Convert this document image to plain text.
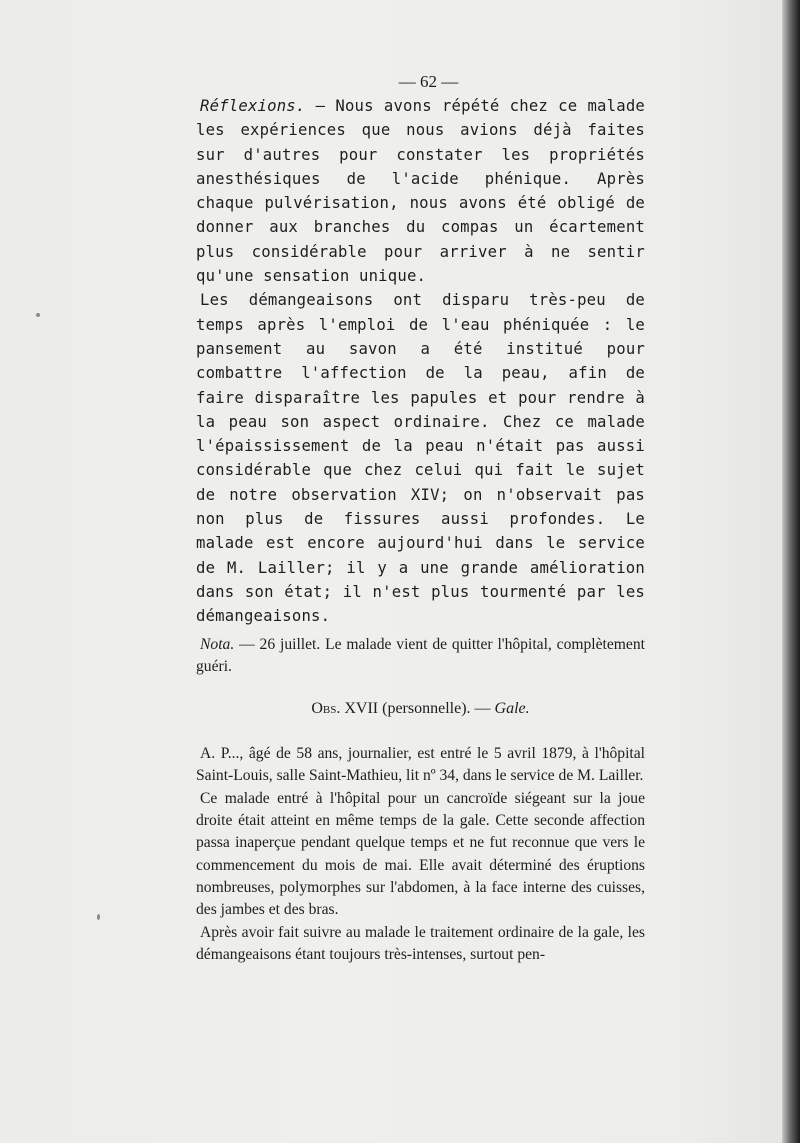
— 62 —

Réflexions. — Nous avons répété chez ce malade les expériences que nous avions déjà faites sur d'autres pour constater les propriétés anesthésiques de l'acide phénique. Après chaque pulvérisation, nous avons été obligé de donner aux branches du compas un écartement plus considérable pour arriver à ne sentir qu'une sensation unique.

Les démangeaisons ont disparu très-peu de temps après l'emploi de l'eau phéniquée : le pansement au savon a été institué pour combattre l'affection de la peau, afin de faire disparaître les papules et pour rendre à la peau son aspect ordinaire. Chez ce malade l'épaississement de la peau n'était pas aussi considérable que chez celui qui fait le sujet de notre observation XIV; on n'observait pas non plus de fissures aussi profondes. Le malade est encore aujourd'hui dans le service de M. Lailler; il y a une grande amélioration dans son état; il n'est plus tourmenté par les démangeaisons.

Nota. — 26 juillet. Le malade vient de quitter l'hôpital, complètement guéri.

Obs. XVII (personnelle). — Gale.

A. P..., âgé de 58 ans, journalier, est entré le 5 avril 1879, à l'hôpital Saint-Louis, salle Saint-Mathieu, lit nº 34, dans le service de M. Lailler.

Ce malade entré à l'hôpital pour un cancroïde siégeant sur la joue droite était atteint en même temps de la gale. Cette seconde affection passa inaperçue pendant quelque temps et ne fut reconnue que vers le commencement du mois de mai. Elle avait déterminé des éruptions nombreuses, polymorphes sur l'abdomen, à la face interne des cuisses, des jambes et des bras.

Après avoir fait suivre au malade le traitement ordinaire de la gale, les démangeaisons étant toujours très-intenses, surtout pen-
